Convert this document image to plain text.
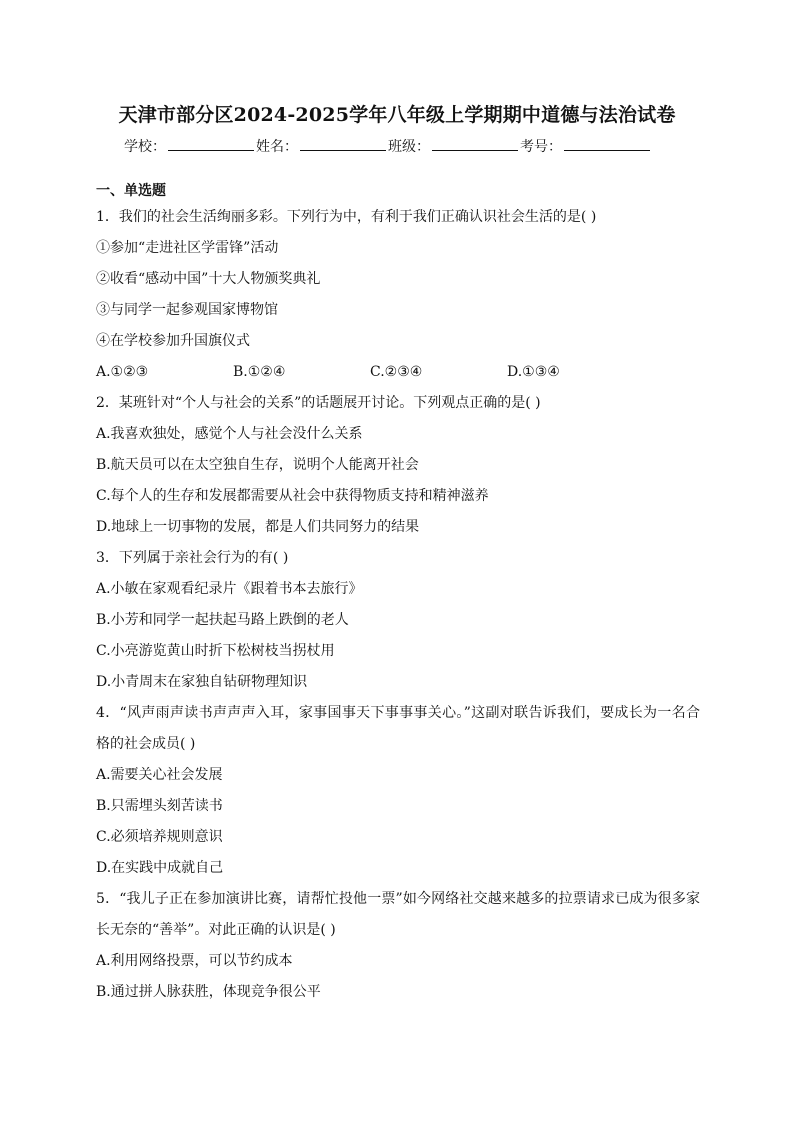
天津市部分区2024-2025学年八年级上学期期中道德与法治试卷
学校：	姓名：	班级：	考号：
一、单选题
1．我们的社会生活绚丽多彩。下列行为中，有利于我们正确认识社会生活的是( )
①参加“走进社区学雷锋”活动
②收看“感动中国”十大人物颁奖典礼
③与同学一起参观国家博物馆
④在学校参加升国旗仪式
A.①②③	B.①②④	C.②③④	D.①③④
2．某班针对“个人与社会的关系”的话题展开讨论。下列观点正确的是( )
A.我喜欢独处，感觉个人与社会没什么关系
B.航天员可以在太空独自生存，说明个人能离开社会
C.每个人的生存和发展都需要从社会中获得物质支持和精神滋养
D.地球上一切事物的发展，都是人们共同努力的结果
3．下列属于亲社会行为的有( )
A.小敏在家观看纪录片《跟着书本去旅行》
B.小芳和同学一起扶起马路上跌倒的老人
C.小亮游览黄山时折下松树枝当拐杖用
D.小青周末在家独自钻研物理知识
4．“风声雨声读书声声声入耳，家事国事天下事事事关心。”这副对联告诉我们，要成长为一名合格的社会成员( )
A.需要关心社会发展
B.只需埋头刻苦读书
C.必须培养规则意识
D.在实践中成就自己
5．“我儿子正在参加演讲比赛，请帮忙投他一票”如今网络社交越来越多的拉票请求已成为很多家长无奈的“善举”。对此正确的认识是( )
A.利用网络投票，可以节约成本
B.通过拼人脉获胜，体现竞争很公平
